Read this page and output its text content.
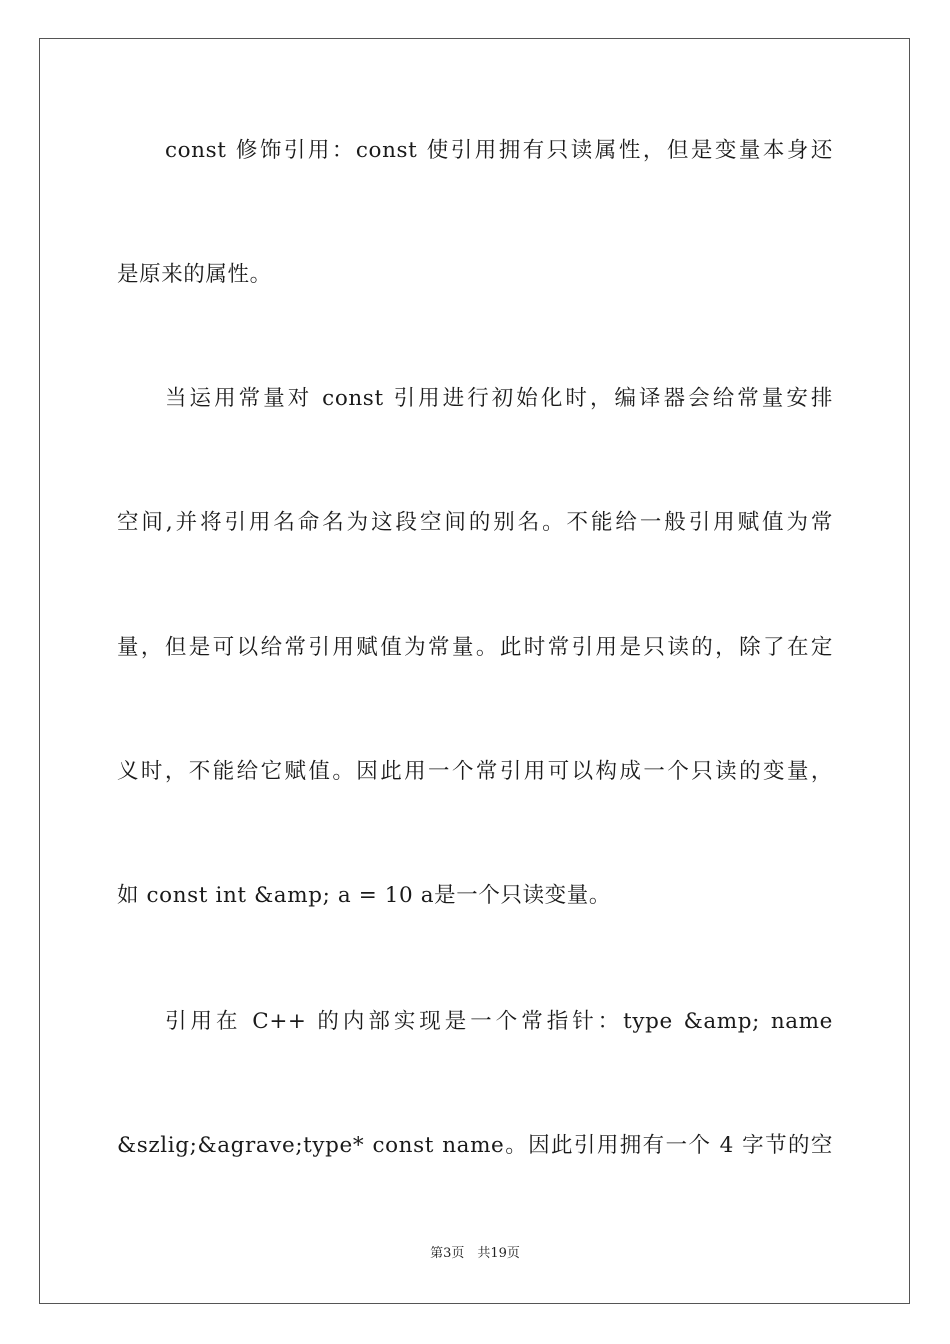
const 修饰引用：const 使引用拥有只读属性，但是变量本身还
是原来的属性。
当运用常量对 const 引用进行初始化时，编译器会给常量安排
空间,并将引用名命名为这段空间的别名。不能给一般引用赋值为常
量，但是可以给常引用赋值为常量。此时常引用是只读的，除了在定
义时，不能给它赋值。因此用一个常引用可以构成一个只读的变量，
如 const int &amp; a = 10 a是一个只读变量。
引用在 C++ 的内部实现是一个常指针：type &amp; name
&szlig;&agrave;type* const name。因此引用拥有一个 4 字节的空
第3页　共19页
